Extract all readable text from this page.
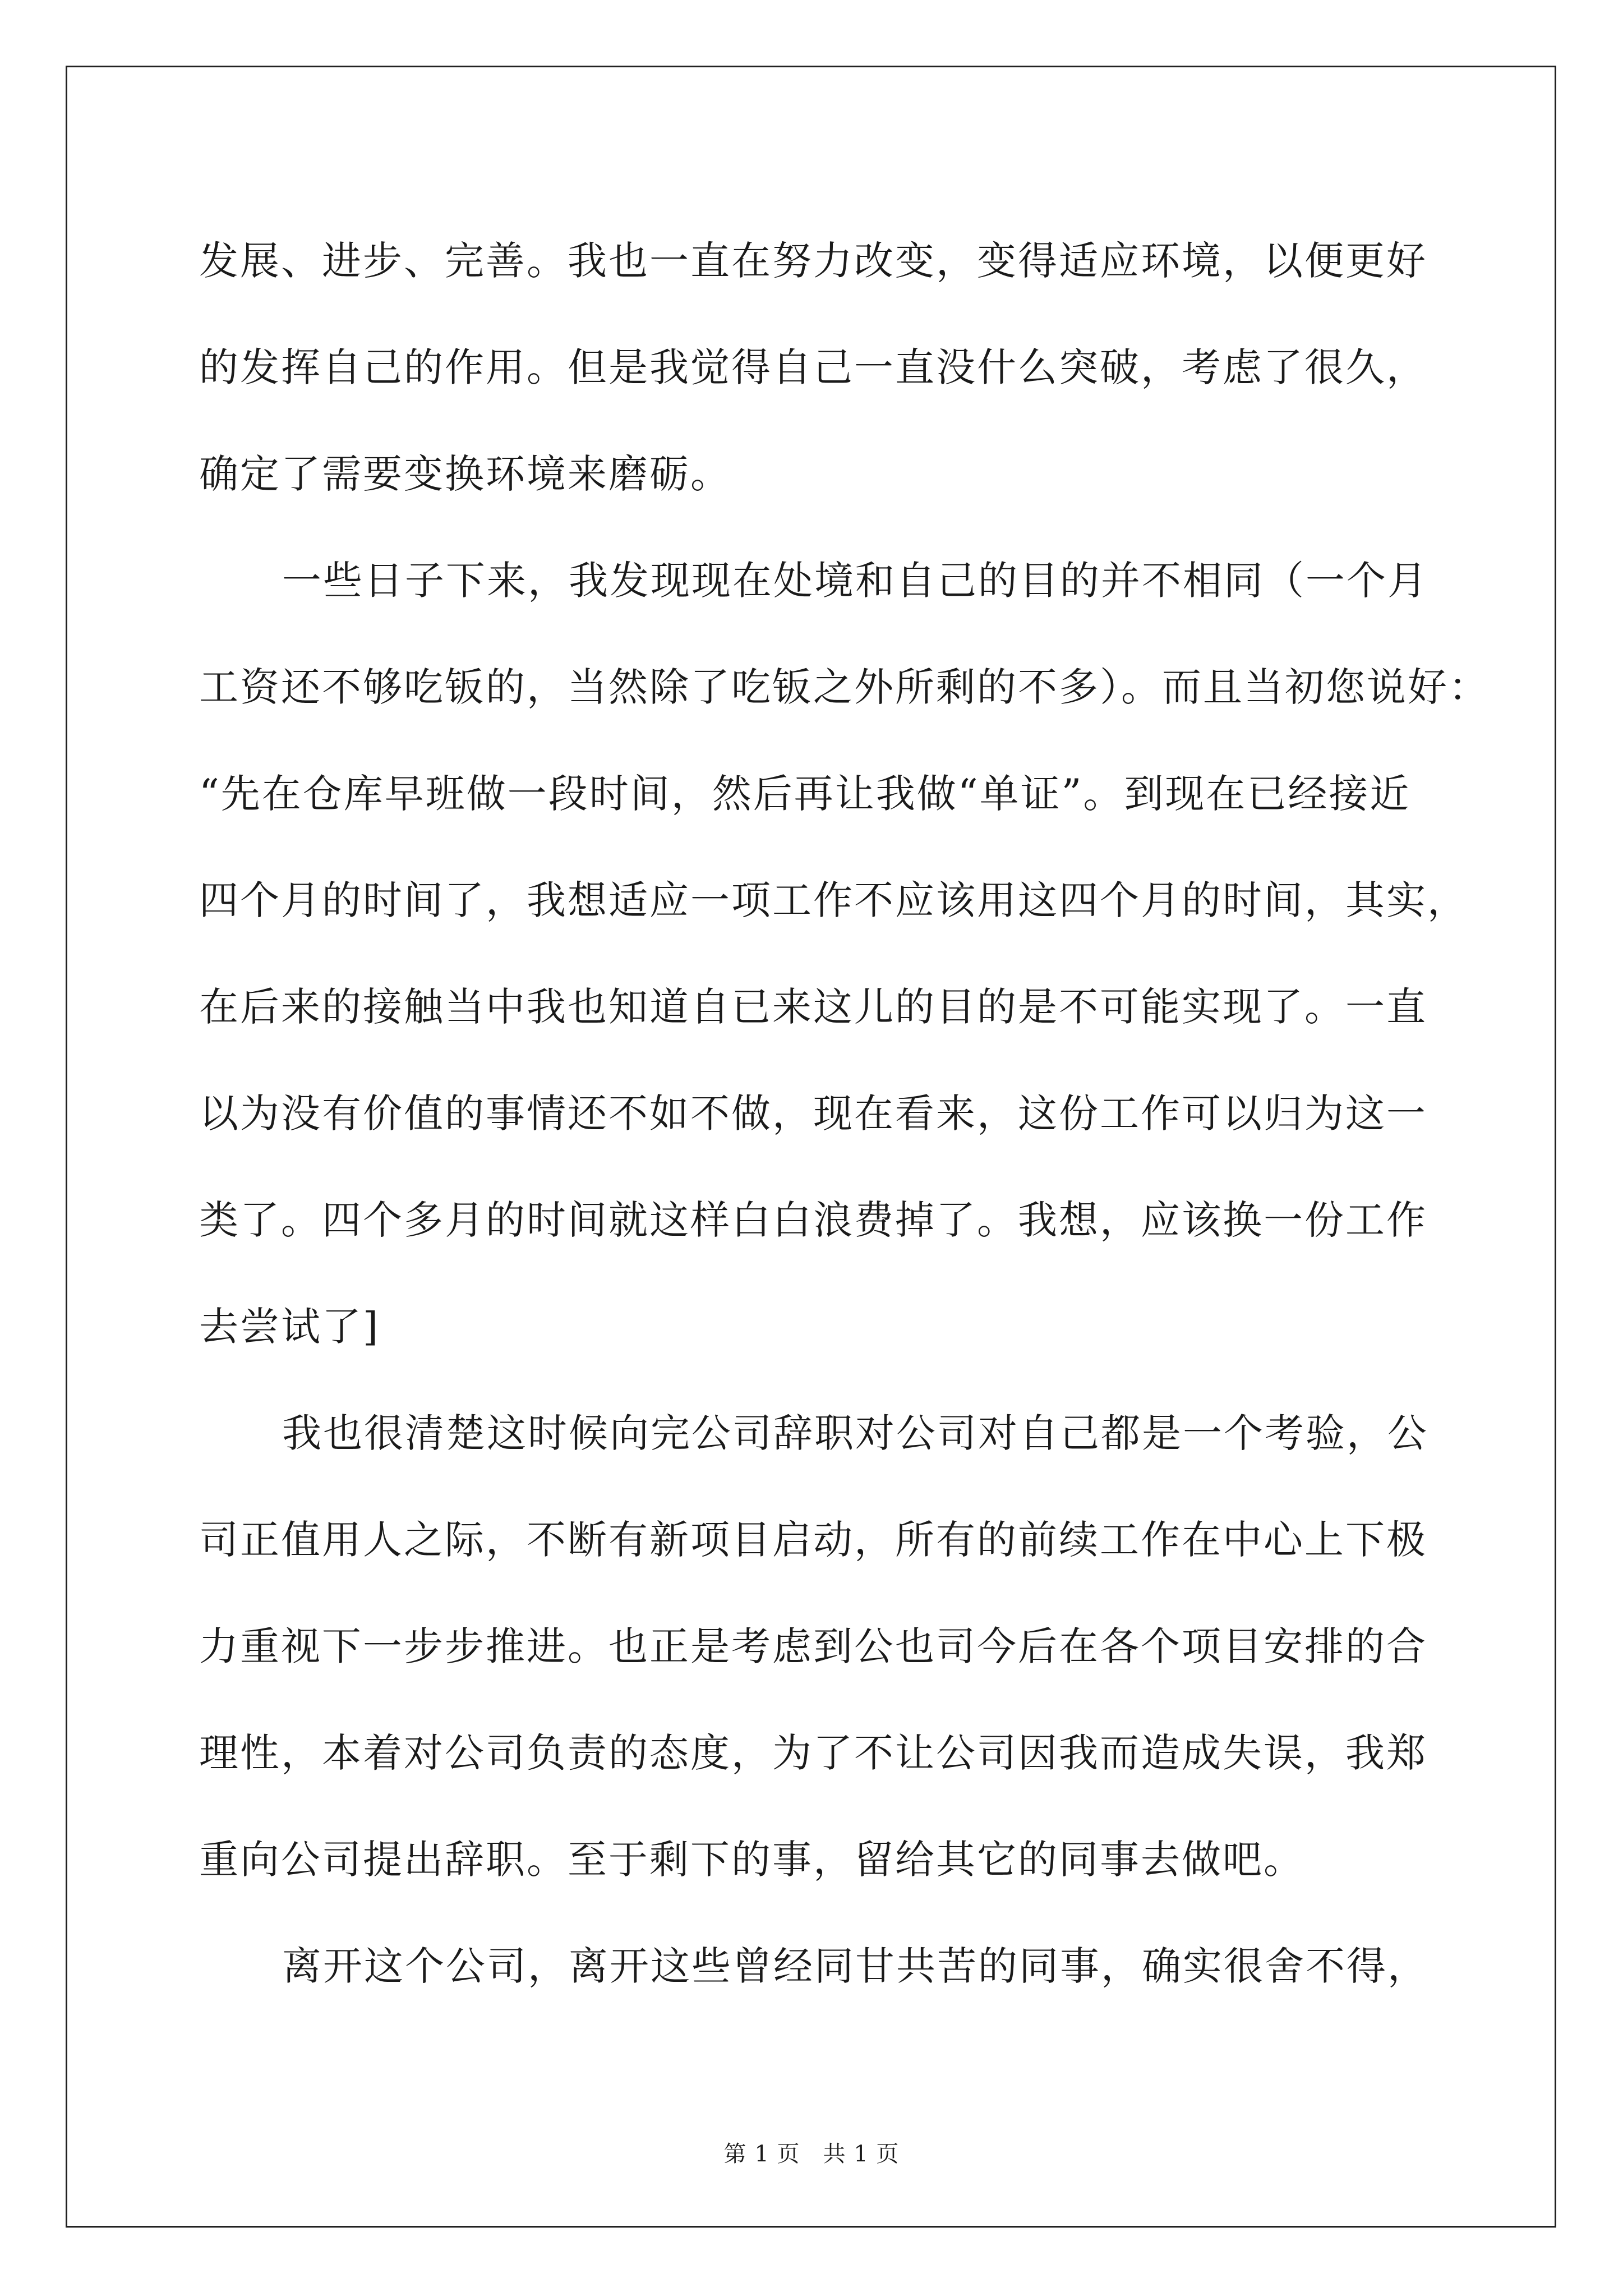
发展、进步、完善。我也一直在努力改变，变得适应环境，以便更好
的发挥自己的作用。但是我觉得自己一直没什么突破，考虑了很久，
确定了需要变换环境来磨砺。
一些日子下来，我发现现在处境和自己的目的并不相同（一个月
工资还不够吃钣的，当然除了吃钣之外所剩的不多）。而且当初您说好：
“先在仓库早班做一段时间，然后再让我做“单证”。到现在已经接近
四个月的时间了，我想适应一项工作不应该用这四个月的时间，其实，
在后来的接触当中我也知道自已来这儿的目的是不可能实现了。一直
以为没有价值的事情还不如不做，现在看来，这份工作可以归为这一
类了。四个多月的时间就这样白白浪费掉了。我想，应该换一份工作
去尝试了]
我也很清楚这时候向完公司辞职对公司对自己都是一个考验，公
司正值用人之际，不断有新项目启动，所有的前续工作在中心上下极
力重视下一步步推进。也正是考虑到公也司今后在各个项目安排的合
理性，本着对公司负责的态度，为了不让公司因我而造成失误，我郑
重向公司提出辞职。至于剩下的事，留给其它的同事去做吧。
离开这个公司，离开这些曾经同甘共苦的同事，确实很舍不得，
第 1 页　共 1 页
